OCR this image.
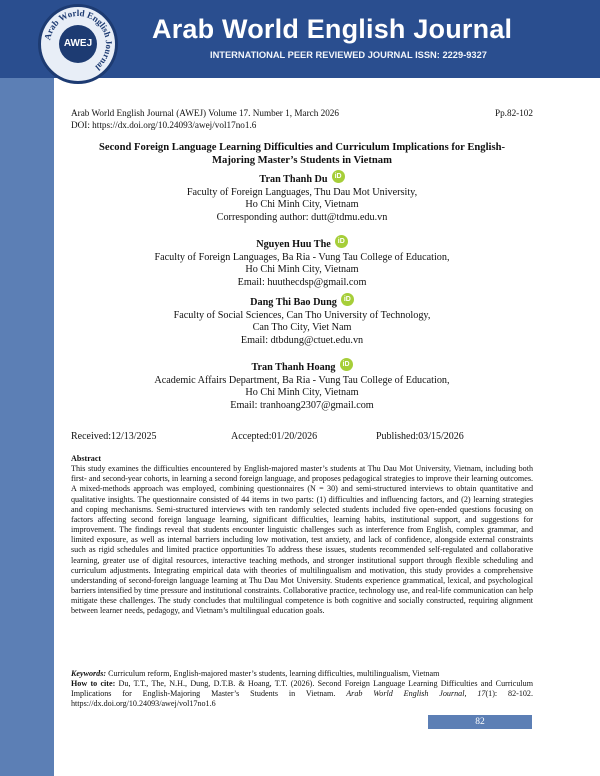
Arab World English Journal
INTERNATIONAL PEER REVIEWED JOURNAL ISSN: 2229-9327
Arab World English Journal
AWEJ
Arab World English Journal (AWEJ) Volume 17. Number 1, March 2026
DOI: https://dx.doi.org/10.24093/awej/vol17no1.6
Pp.82-102
Second Foreign Language Learning Difficulties and Curriculum Implications for English-
Majoring Master’s Students in Vietnam
Tran Thanh Du iD
Faculty of Foreign Languages, Thu Dau Mot University,
Ho Chi Minh City, Vietnam
Corresponding author: dutt@tdmu.edu.vn
Nguyen Huu The iD
Faculty of Foreign Languages, Ba Ria - Vung Tau College of Education,
Ho Chi Minh City, Vietnam
Email: huuthecdsp@gmail.com
Dang Thi Bao Dung iD
Faculty of Social Sciences, Can Tho University of Technology,
Can Tho City, Viet Nam
Email: dtbdung@ctuet.edu.vn
Tran Thanh Hoang iD
Academic Affairs Department, Ba Ria - Vung Tau College of Education,
Ho Chi Minh City, Vietnam
Email: tranhoang2307@gmail.com
Received:12/13/2025	Accepted:01/20/2026	Published:03/15/2026
Abstract
This study examines the difficulties encountered by English-majored master’s students at Thu Dau Mot University, Vietnam, including both first- and second-year cohorts, in learning a second foreign language, and proposes pedagogical strategies to improve their learning outcomes. A mixed-methods approach was employed, combining questionnaires (N = 30) and semi-structured interviews to obtain quantitative and qualitative insights. The questionnaire consisted of 44 items in two parts: (1) difficulties and influencing factors, and (2) learning strategies and coping mechanisms. Semi-structured interviews with ten randomly selected students included five open-ended questions focusing on factors affecting second foreign language learning, significant difficulties, learning habits, institutional support, and suggestions for improvement. The findings reveal that students encounter linguistic challenges such as interference from English, complex grammar, and limited exposure, as well as internal barriers including low motivation, test anxiety, and lack of confidence, alongside external constraints such as rigid schedules and limited practice opportunities To address these issues, students recommended self-regulated and collaborative learning, greater use of digital resources, interactive teaching methods, and stronger institutional support through flexible scheduling and curriculum adjustments. Integrating empirical data with theories of multilingualism and motivation, this study provides a comprehensive understanding of second-foreign language learning at Thu Dau Mot University. Students experience grammatical, lexical, and psychological barriers intensified by time pressure and institutional constraints. Collaborative practice, technology use, and real-life communication can help mitigate these challenges. The study concludes that multilingual competence is both cognitive and socially constructed, requiring alignment between learner needs, pedagogy, and Vietnam’s multilingual education goals.
Keywords: Curriculum reform, English-majored master’s students, learning difficulties, multilingualism, Vietnam
How to cite: Du, T.T., The, N.H., Dung, D.T.B. & Hoang, T.T. (2026). Second Foreign Language Learning Difficulties and Curriculum Implications for English-Majoring Master’s Students in Vietnam. Arab World English Journal, 17(1): 82-102. https://dx.doi.org/10.24093/awej/vol17no1.6
82
